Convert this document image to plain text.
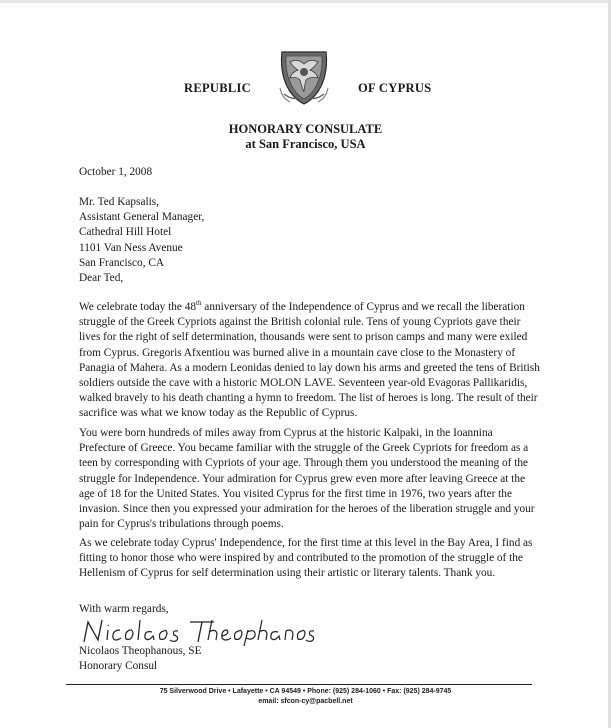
REPUBLIC	OF CYPRUS
HONORARY CONSULATE
at San Francisco, USA
October 1, 2008
Mr. Ted Kapsalis,
Assistant General Manager,
Cathedral Hill Hotel
1101 Van Ness Avenue
San Francisco, CA
Dear Ted,
We celebrate today the 48th anniversary of the Independence of Cyprus and we recall the liberation struggle of the Greek Cypriots against the British colonial rule. Tens of young Cypriots gave their lives for the right of self determination, thousands were sent to prison camps and many were exiled from Cyprus. Gregoris Afxentiou was burned alive in a mountain cave close to the Monastery of Panagia of Mahera. As a modern Leonidas denied to lay down his arms and greeted the tens of British soldiers outside the cave with a historic MOLON LAVE. Seventeen year-old Evagoras Pallikaridis, walked bravely to his death chanting a hymn to freedom. The list of heroes is long. The result of their sacrifice was what we know today as the Republic of Cyprus.
You were born hundreds of miles away from Cyprus at the historic Kalpaki, in the Ioannina Prefecture of Greece. You became familiar with the struggle of the Greek Cypriots for freedom as a teen by corresponding with Cypriots of your age. Through them you understood the meaning of the struggle for Independence. Your admiration for Cyprus grew even more after leaving Greece at the age of 18 for the United States. You visited Cyprus for the first time in 1976, two years after the invasion. Since then you expressed your admiration for the heroes of the liberation struggle and your pain for Cyprus's tribulations through poems.
As we celebrate today Cyprus' Independence, for the first time at this level in the Bay Area, I find as fitting to honor those who were inspired by and contributed to the promotion of the struggle of the Hellenism of Cyprus for self determination using their artistic or literary talents. Thank you.
With warm regards,
Nicolaos Theophanous, SE
Honorary Consul
75 Silverwood Drive • Lafayette • CA 94549 • Phone: (925) 284-1060 • Fax: (925) 284-9745
email: sfcon-cy@pacbell.net
